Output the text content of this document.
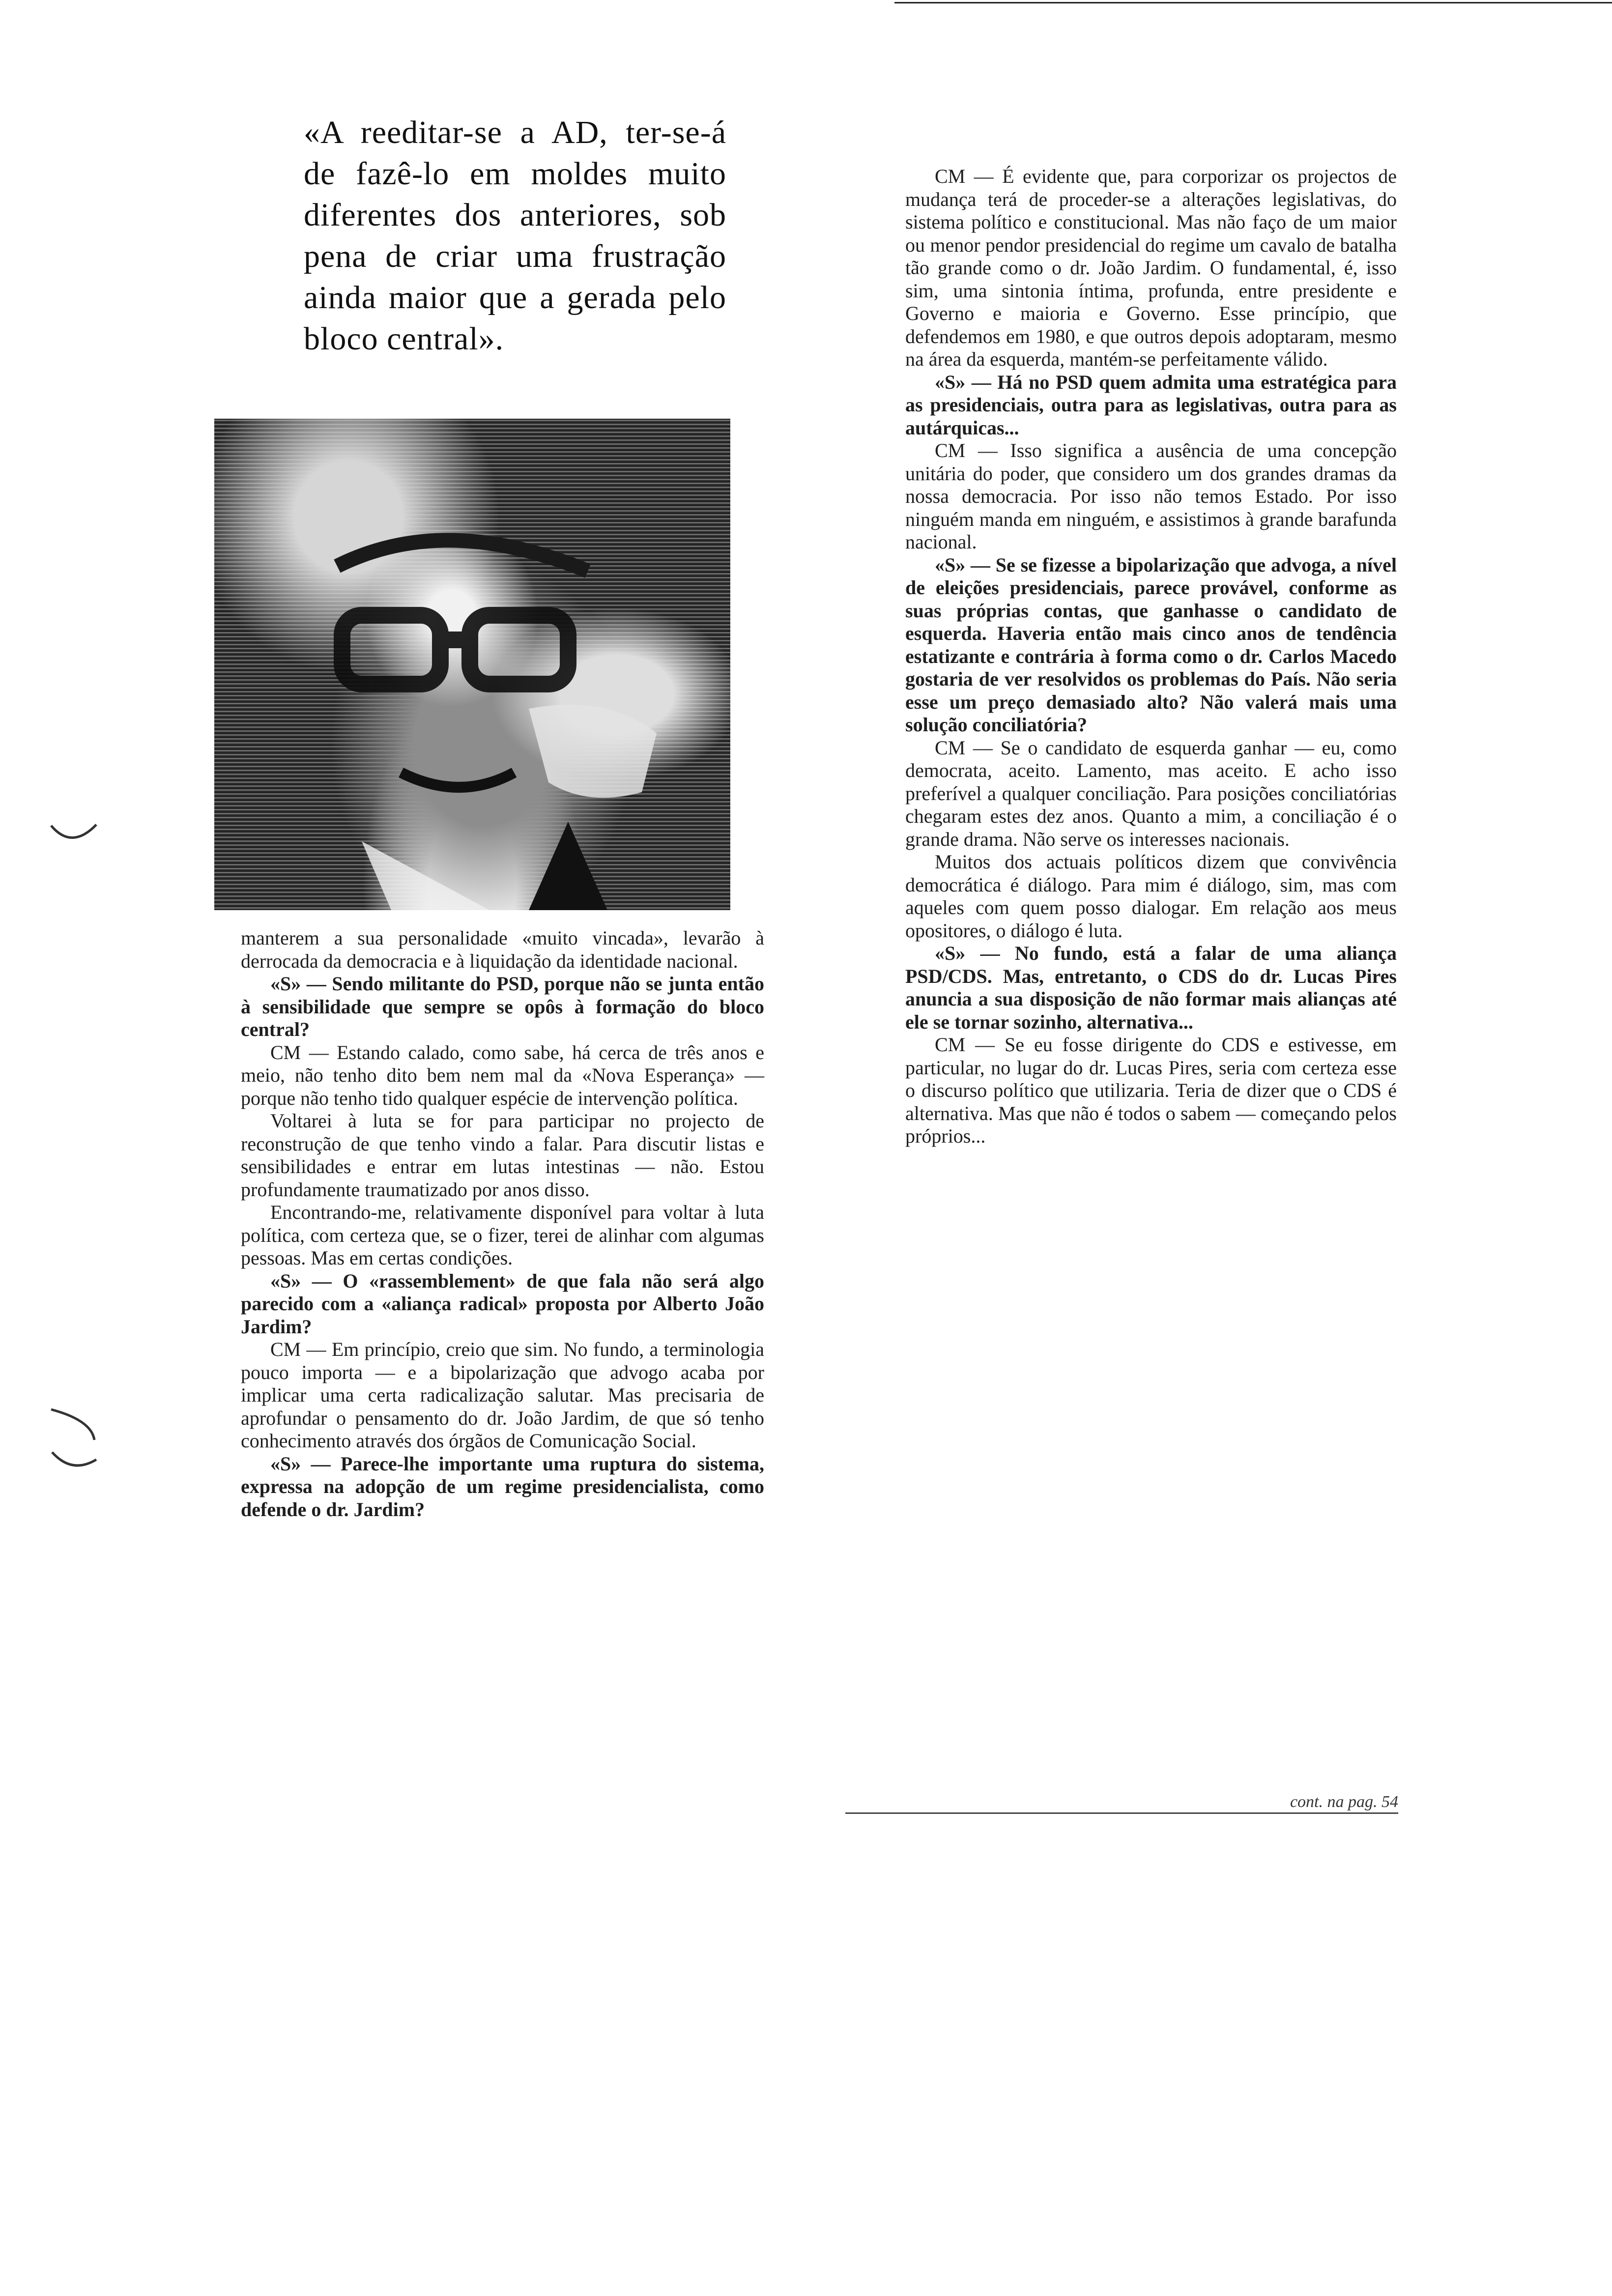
«A reeditar-se a AD, ter-se-á de fazê-lo em moldes muito diferentes dos anteriores, sob pena de criar uma frustração ainda maior que a gerada pelo bloco central».

manterem a sua personalidade «muito vincada», levarão à derrocada da democracia e à liquidação da identidade nacional.

«S» — Sendo militante do PSD, porque não se junta então à sensibilidade que sempre se opôs à formação do bloco central?

CM — Estando calado, como sabe, há cerca de três anos e meio, não tenho dito bem nem mal da «Nova Esperança» — porque não tenho tido qualquer espécie de intervenção política.

Voltarei à luta se for para participar no projecto de reconstrução de que tenho vindo a falar. Para discutir listas e sensibilidades e entrar em lutas intestinas — não. Estou profundamente traumatizado por anos disso.

Encontrando-me, relativamente disponível para voltar à luta política, com certeza que, se o fizer, terei de alinhar com algumas pessoas. Mas em certas condições.

«S» — O «rassemblement» de que fala não será algo parecido com a «aliança radical» proposta por Alberto João Jardim?

CM — Em princípio, creio que sim. No fundo, a terminologia pouco importa — e a bipolarização que advogo acaba por implicar uma certa radicalização salutar. Mas precisaria de aprofundar o pensamento do dr. João Jardim, de que só tenho conhecimento através dos órgãos de Comunicação Social.

«S» — Parece-lhe importante uma ruptura do sistema, expressa na adopção de um regime presidencialista, como defende o dr. Jardim?

CM — É evidente que, para corporizar os projectos de mudança terá de proceder-se a alterações legislativas, do sistema político e constitucional. Mas não faço de um maior ou menor pendor presidencial do regime um cavalo de batalha tão grande como o dr. João Jardim. O fundamental, é, isso sim, uma sintonia íntima, profunda, entre presidente e Governo e maioria e Governo. Esse princípio, que defendemos em 1980, e que outros depois adoptaram, mesmo na área da esquerda, mantém-se perfeitamente válido.

«S» — Há no PSD quem admita uma estratégica para as presidenciais, outra para as legislativas, outra para as autárquicas...

CM — Isso significa a ausência de uma concepção unitária do poder, que considero um dos grandes dramas da nossa democracia. Por isso não temos Estado. Por isso ninguém manda em ninguém, e assistimos à grande barafunda nacional.

«S» — Se se fizesse a bipolarização que advoga, a nível de eleições presidenciais, parece provável, conforme as suas próprias contas, que ganhasse o candidato de esquerda. Haveria então mais cinco anos de tendência estatizante e contrária à forma como o dr. Carlos Macedo gostaria de ver resolvidos os problemas do País. Não seria esse um preço demasiado alto? Não valerá mais uma solução conciliatória?

CM — Se o candidato de esquerda ganhar — eu, como democrata, aceito. Lamento, mas aceito. E acho isso preferível a qualquer conciliação. Para posições conciliatórias chegaram estes dez anos. Quanto a mim, a conciliação é o grande drama. Não serve os interesses nacionais.

Muitos dos actuais políticos dizem que convivência democrática é diálogo. Para mim é diálogo, sim, mas com aqueles com quem posso dialogar. Em relação aos meus opositores, o diálogo é luta.

«S» — No fundo, está a falar de uma aliança PSD/CDS. Mas, entretanto, o CDS do dr. Lucas Pires anuncia a sua disposição de não formar mais alianças até ele se tornar sozinho, alternativa...

CM — Se eu fosse dirigente do CDS e estivesse, em particular, no lugar do dr. Lucas Pires, seria com certeza esse o discurso político que utilizaria. Teria de dizer que o CDS é alternativa. Mas que não é todos o sabem — começando pelos próprios...

cont. na pag. 54
